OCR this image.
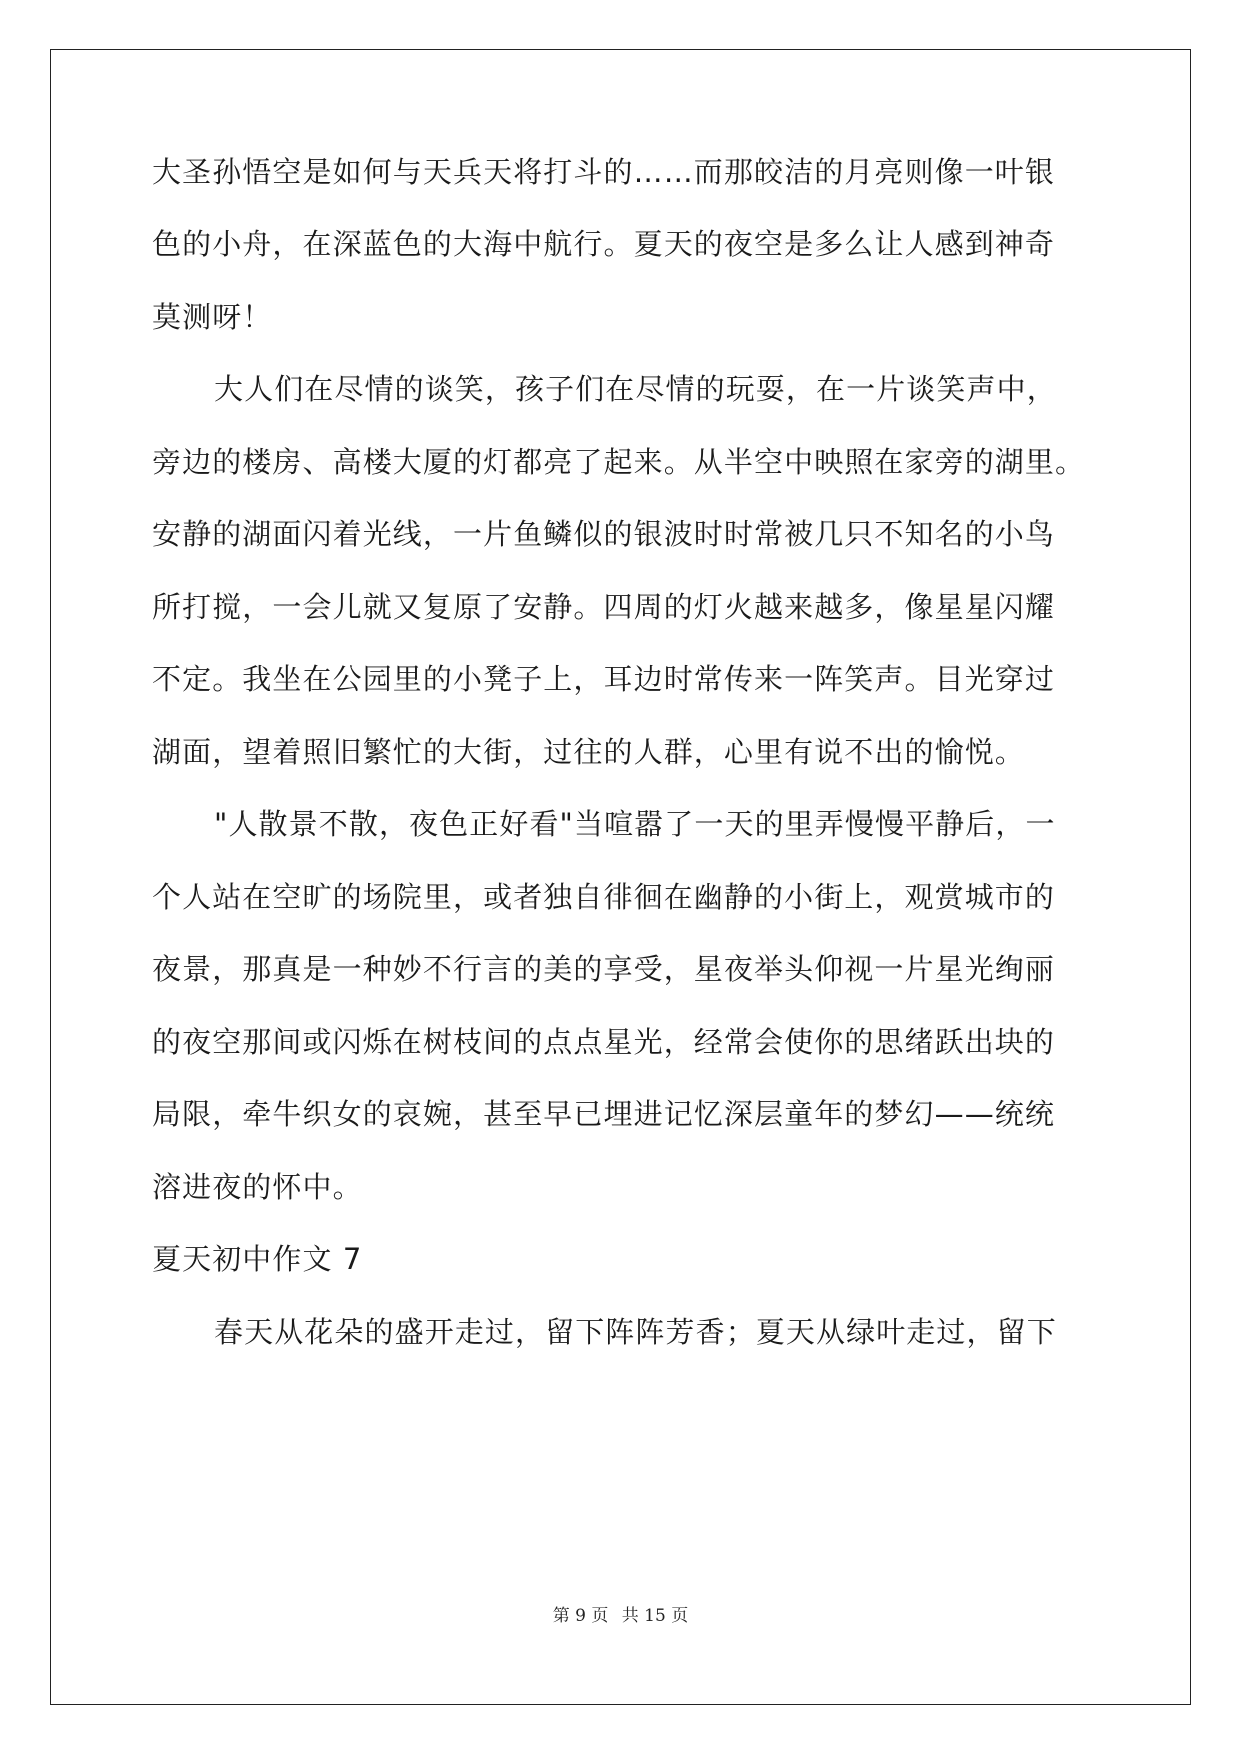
大圣孙悟空是如何与天兵天将打斗的……而那皎洁的月亮则像一叶银
色的小舟，在深蓝色的大海中航行。夏天的夜空是多么让人感到神奇
莫测呀！
大人们在尽情的谈笑，孩子们在尽情的玩耍，在一片谈笑声中，
旁边的楼房、高楼大厦的灯都亮了起来。从半空中映照在家旁的湖里。
安静的湖面闪着光线，一片鱼鳞似的银波时时常被几只不知名的小鸟
所打搅，一会儿就又复原了安静。四周的灯火越来越多，像星星闪耀
不定。我坐在公园里的小凳子上，耳边时常传来一阵笑声。目光穿过
湖面，望着照旧繁忙的大街，过往的人群，心里有说不出的愉悦。
"人散景不散，夜色正好看"当喧嚣了一天的里弄慢慢平静后，一
个人站在空旷的场院里，或者独自徘徊在幽静的小街上，观赏城市的
夜景，那真是一种妙不行言的美的享受，星夜举头仰视一片星光绚丽
的夜空那间或闪烁在树枝间的点点星光，经常会使你的思绪跃出块的
局限，牵牛织女的哀婉，甚至早已埋进记忆深层童年的梦幻——统统
溶进夜的怀中。
夏天初中作文 7
春天从花朵的盛开走过，留下阵阵芳香；夏天从绿叶走过，留下
第 9 页 共 15 页
